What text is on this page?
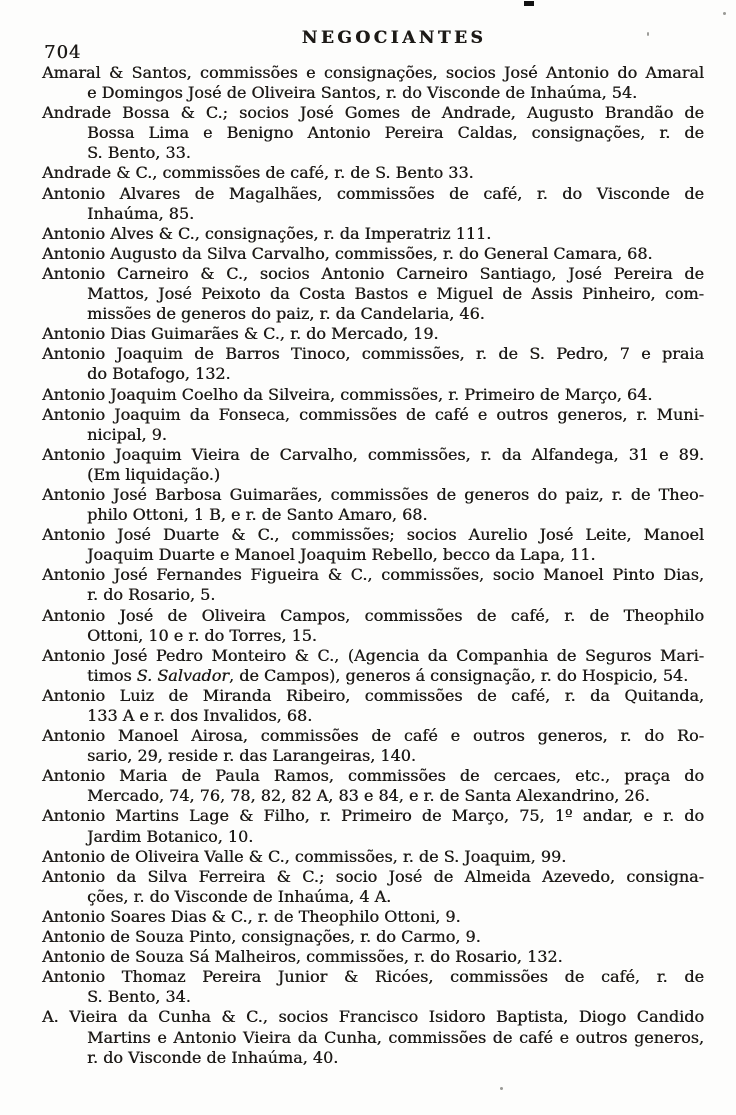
704
NEGOCIANTES
Amaral & Santos, commissões e consignações, socios José Antonio do Amaral
e Domingos José de Oliveira Santos, r. do Visconde de Inhaúma, 54.
Andrade Bossa & C.; socios José Gomes de Andrade, Augusto Brandão de
Bossa Lima e Benigno Antonio Pereira Caldas, consignações, r. de
S. Bento, 33.
Andrade & C., commissões de café, r. de S. Bento 33.
Antonio Alvares de Magalhães, commissões de café, r. do Visconde de
Inhaúma, 85.
Antonio Alves & C., consignações, r. da Imperatriz 111.
Antonio Augusto da Silva Carvalho, commissões, r. do General Camara, 68.
Antonio Carneiro & C., socios Antonio Carneiro Santiago, José Pereira de
Mattos, José Peixoto da Costa Bastos e Miguel de Assis Pinheiro, com-
missões de generos do paiz, r. da Candelaria, 46.
Antonio Dias Guimarães & C., r. do Mercado, 19.
Antonio Joaquim de Barros Tinoco, commissões, r. de S. Pedro, 7 e praia
do Botafogo, 132.
Antonio Joaquim Coelho da Silveira, commissões, r. Primeiro de Março, 64.
Antonio Joaquim da Fonseca, commissões de café e outros generos, r. Muni-
nicipal, 9.
Antonio Joaquim Vieira de Carvalho, commissões, r. da Alfandega, 31 e 89.
(Em liquidação.)
Antonio José Barbosa Guimarães, commissões de generos do paiz, r. de Theo-
philo Ottoni, 1 B, e r. de Santo Amaro, 68.
Antonio José Duarte & C., commissões; socios Aurelio José Leite, Manoel
Joaquim Duarte e Manoel Joaquim Rebello, becco da Lapa, 11.
Antonio José Fernandes Figueira & C., commissões, socio Manoel Pinto Dias,
r. do Rosario, 5.
Antonio José de Oliveira Campos, commissões de café, r. de Theophilo
Ottoni, 10 e r. do Torres, 15.
Antonio José Pedro Monteiro & C., (Agencia da Companhia de Seguros Mari-
timos S. Salvador, de Campos), generos á consignação, r. do Hospicio, 54.
Antonio Luiz de Miranda Ribeiro, commissões de café, r. da Quitanda,
133 A e r. dos Invalidos, 68.
Antonio Manoel Airosa, commissões de café e outros generos, r. do Ro-
sario, 29, reside r. das Larangeiras, 140.
Antonio Maria de Paula Ramos, commissões de cercaes, etc., praça do
Mercado, 74, 76, 78, 82, 82 A, 83 e 84, e r. de Santa Alexandrino, 26.
Antonio Martins Lage & Filho, r. Primeiro de Março, 75, 1º andar, e r. do
Jardim Botanico, 10.
Antonio de Oliveira Valle & C., commissões, r. de S. Joaquim, 99.
Antonio da Silva Ferreira & C.; socio José de Almeida Azevedo, consigna-
ções, r. do Visconde de Inhaúma, 4 A.
Antonio Soares Dias & C., r. de Theophilo Ottoni, 9.
Antonio de Souza Pinto, consignações, r. do Carmo, 9.
Antonio de Souza Sá Malheiros, commissões, r. do Rosario, 132.
Antonio Thomaz Pereira Junior & Ricóes, commissões de café, r. de
S. Bento, 34.
A. Vieira da Cunha & C., socios Francisco Isidoro Baptista, Diogo Candido
Martins e Antonio Vieira da Cunha, commissões de café e outros generos,
r. do Visconde de Inhaúma, 40.
